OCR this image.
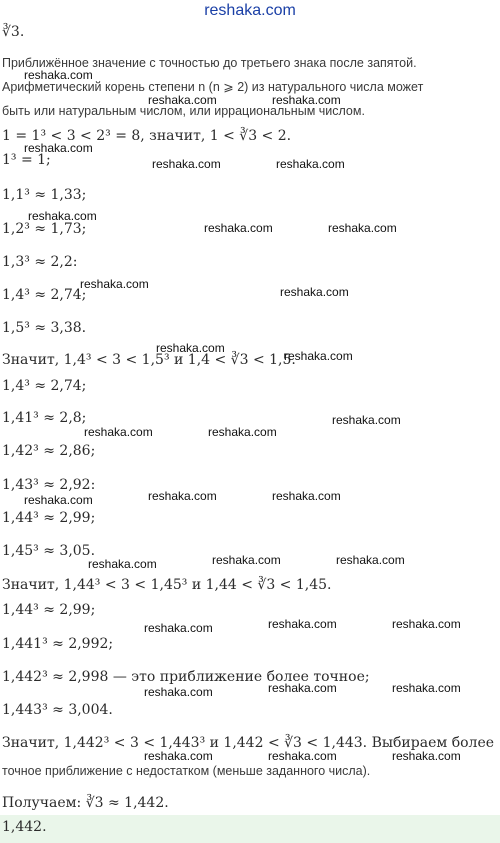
reshaka.com
∛3.
Приближённое значение с точностью до третьего знака после запятой.
Арифметический корень степени n (n ⩾ 2) из натурального числа может
быть или натуральным числом, или иррациональным числом.
1 = 1³ < 3 < 2³ = 8, значит, 1 < ∛3 < 2.
1³ = 1;
1,1³ ≈ 1,33;
1,2³ ≈ 1,73;
1,3³ ≈ 2,2:
1,4³ ≈ 2,74;
1,5³ ≈ 3,38.
Значит, 1,4³ < 3 < 1,5³ и 1,4 < ∛3 < 1,5.
1,4³ ≈ 2,74;
1,41³ ≈ 2,8;
1,42³ ≈ 2,86;
1,43³ ≈ 2,92:
1,44³ ≈ 2,99;
1,45³ ≈ 3,05.
Значит, 1,44³ < 3 < 1,45³ и 1,44 < ∛3 < 1,45.
1,44³ ≈ 2,99;
1,441³ ≈ 2,992;
1,442³ ≈ 2,998 — это приближение более точное;
1,443³ ≈ 3,004.
Значит, 1,442³ < 3 < 1,443³ и 1,442 < ∛3 < 1,443. Выбираем более
точное приближение с недостатком (меньше заданного числа).
Получаем: ∛3 ≈ 1,442.
1,442.
reshaka.com
reshaka.com	reshaka.com
reshaka.com
reshaka.com	reshaka.com
reshaka.com
reshaka.com	reshaka.com
reshaka.com
reshaka.com
reshaka.com
reshaka.com
reshaka.com
reshaka.com	reshaka.com
reshaka.com	reshaka.com	reshaka.com
reshaka.com	reshaka.com	reshaka.com
reshaka.com	reshaka.com	reshaka.com
reshaka.com	reshaka.com	reshaka.com
reshaka.com	reshaka.com	reshaka.com
